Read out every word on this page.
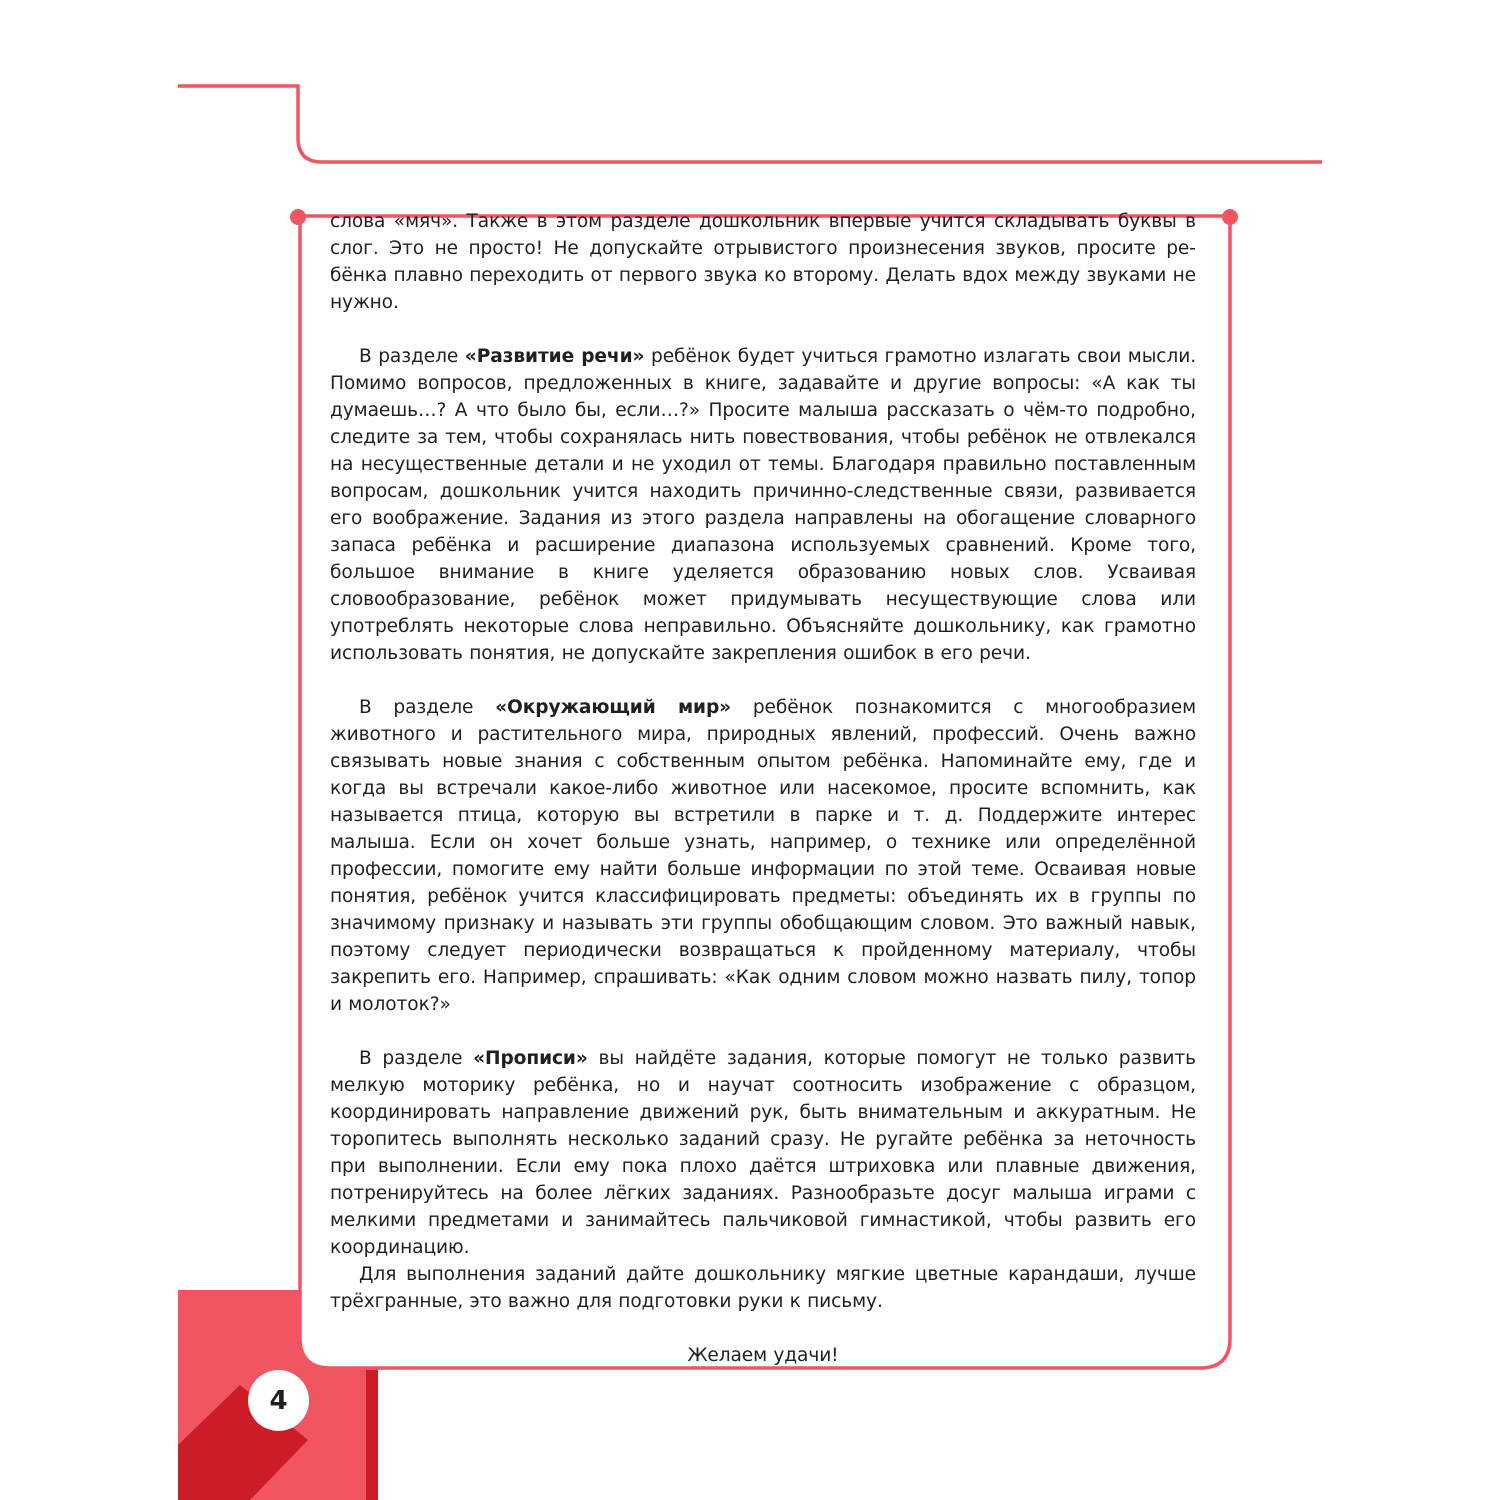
4

слова «мяч». Также в этом разделе дошкольник впервые учится складывать буквы в слог. Это не просто! Не допускайте отрывистого произнесения звуков, просите ребёнка плавно переходить от первого звука ко второму. Делать вдох между звуками не нужно.

В разделе «Развитие речи» ребёнок будет учиться грамотно излагать свои мысли. Помимо вопросов, предложенных в книге, задавайте и другие вопросы: «А как ты думаешь…? А что было бы, если…?» Просите малыша рассказать о чём-то подробно, следите за тем, чтобы сохранялась нить повествования, чтобы ребёнок не отвлекался на несущественные детали и не уходил от темы. Благодаря правильно поставленным вопросам, дошкольник учится находить причинно-следственные связи, развивается его воображение. Задания из этого раздела направлены на обогащение словарного запаса ребёнка и расширение диапазона используемых сравнений. Кроме того, большое внимание в книге уделяется образованию новых слов. Усваивая словообразование, ребёнок может придумывать несуществующие слова или употреблять некоторые слова неправильно. Объясняйте дошкольнику, как грамотно использовать понятия, не допускайте закрепления ошибок в его речи.

В разделе «Окружающий мир» ребёнок познакомится с многообразием животного и растительного мира, природных явлений, профессий. Очень важно связывать новые знания с собственным опытом ребёнка. Напоминайте ему, где и когда вы встречали какое-либо животное или насекомое, просите вспомнить, как называется птица, которую вы встретили в парке и т. д. Поддержите интерес малыша. Если он хочет больше узнать, например, о технике или определённой профессии, помогите ему найти больше информации по этой теме. Осваивая новые понятия, ребёнок учится классифицировать предметы: объединять их в группы по значимому признаку и называть эти группы обобщающим словом. Это важный навык, поэтому следует периодически возвращаться к пройденному материалу, чтобы закрепить его. Например, спрашивать: «Как одним словом можно назвать пилу, топор и молоток?»

В разделе «Прописи» вы найдёте задания, которые помогут не только развить мелкую моторику ребёнка, но и научат соотносить изображение с образцом, координировать направление движений рук, быть внимательным и аккуратным. Не торопитесь выполнять несколько заданий сразу. Не ругайте ребёнка за неточность при выполнении. Если ему пока плохо даётся штриховка или плавные движения, потренируйтесь на более лёгких заданиях. Разнообразьте досуг малыша играми с мелкими предметами и занимайтесь пальчиковой гимнастикой, чтобы развить его координацию.

Для выполнения заданий дайте дошкольнику мягкие цветные карандаши, лучше трёхгранные, это важно для подготовки руки к письму.

Желаем удачи!
